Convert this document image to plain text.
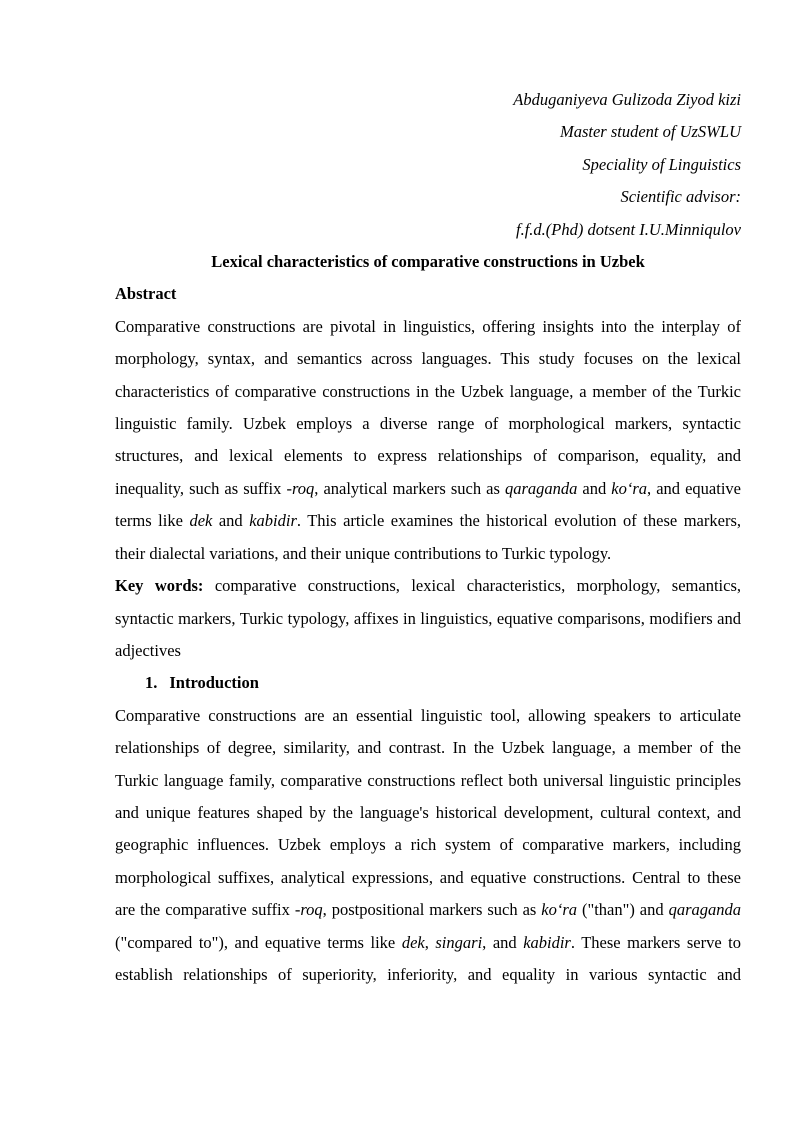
Abduganiyeva Gulizoda Ziyod kizi

Master student of UzSWLU

Speciality of Linguistics

Scientific advisor:

f.f.d.(Phd) dotsent I.U.Minniqulov

Lexical characteristics of comparative constructions in Uzbek

Abstract

Comparative constructions are pivotal in linguistics, offering insights into the interplay of morphology, syntax, and semantics across languages. This study focuses on the lexical characteristics of comparative constructions in the Uzbek language, a member of the Turkic linguistic family. Uzbek employs a diverse range of morphological markers, syntactic structures, and lexical elements to express relationships of comparison, equality, and inequality, such as suffix -roq, analytical markers such as qaraganda and koʻra, and equative terms like dek and kabidir. This article examines the historical evolution of these markers, their dialectal variations, and their unique contributions to Turkic typology.

Key words: comparative constructions, lexical characteristics, morphology, semantics, syntactic markers, Turkic typology, affixes in linguistics, equative comparisons, modifiers and adjectives

1. Introduction

Comparative constructions are an essential linguistic tool, allowing speakers to articulate relationships of degree, similarity, and contrast. In the Uzbek language, a member of the Turkic language family, comparative constructions reflect both universal linguistic principles and unique features shaped by the language's historical development, cultural context, and geographic influences. Uzbek employs a rich system of comparative markers, including morphological suffixes, analytical expressions, and equative constructions. Central to these are the comparative suffix -roq, postpositional markers such as koʻra ("than") and qaraganda ("compared to"), and equative terms like dek, singari, and kabidir. These markers serve to establish relationships of superiority, inferiority, and equality in various syntactic and
